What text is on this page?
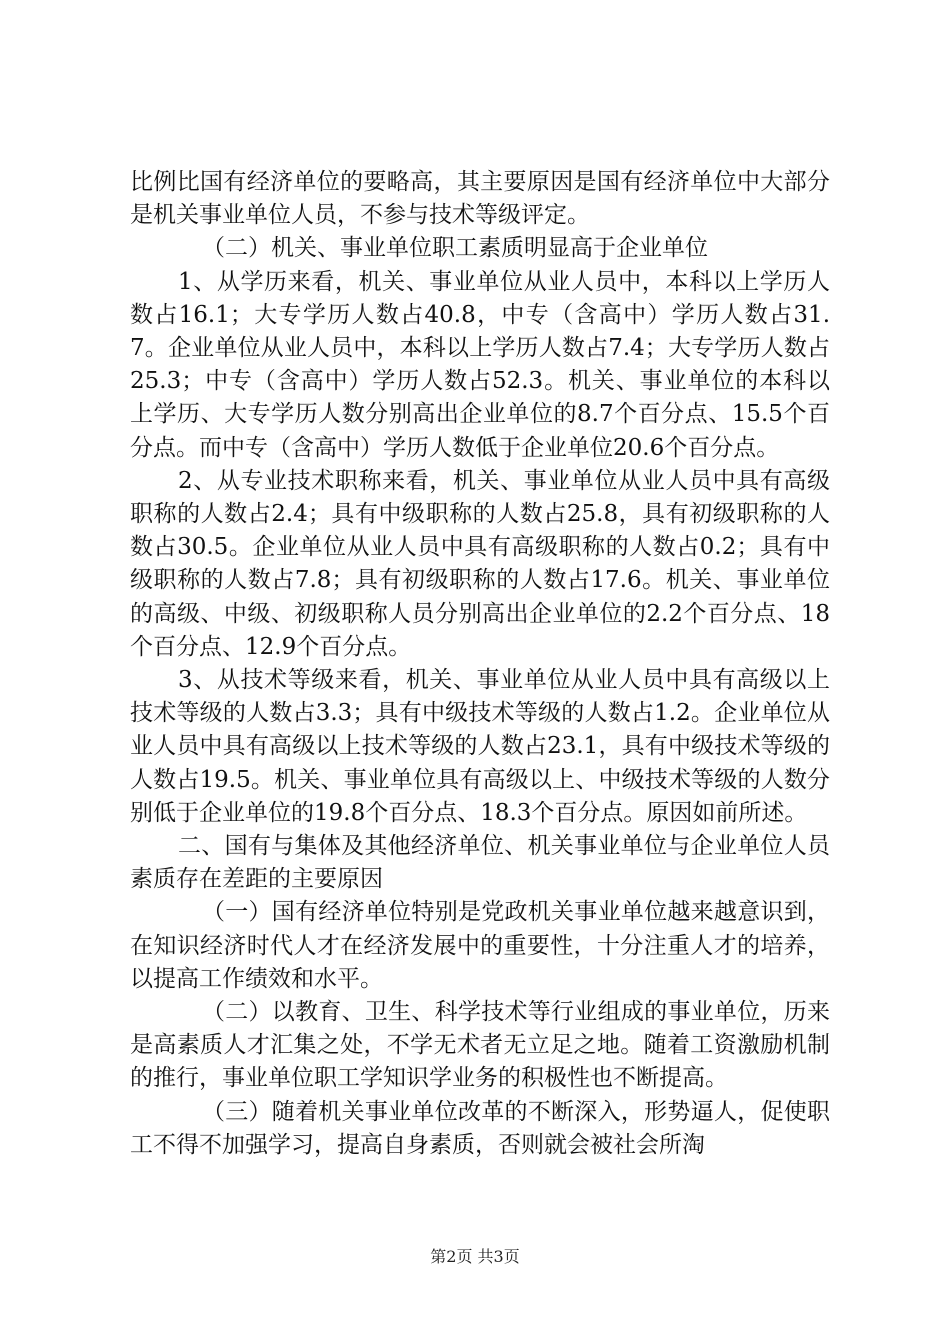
比例比国有经济单位的要略高，其主要原因是国有经济单位中大部分是机关事业单位人员，不参与技术等级评定。

（二）机关、事业单位职工素质明显高于企业单位

1、从学历来看，机关、事业单位从业人员中，本科以上学历人数占16.1；大专学历人数占40.8，中专（含高中）学历人数占31.7。企业单位从业人员中，本科以上学历人数占7.4；大专学历人数占25.3；中专（含高中）学历人数占52.3。机关、事业单位的本科以上学历、大专学历人数分别高出企业单位的8.7个百分点、15.5个百分点。而中专（含高中）学历人数低于企业单位20.6个百分点。

2、从专业技术职称来看，机关、事业单位从业人员中具有高级职称的人数占2.4；具有中级职称的人数占25.8，具有初级职称的人数占30.5。企业单位从业人员中具有高级职称的人数占0.2；具有中级职称的人数占7.8；具有初级职称的人数占17.6。机关、事业单位的高级、中级、初级职称人员分别高出企业单位的2.2个百分点、18个百分点、12.9个百分点。

3、从技术等级来看，机关、事业单位从业人员中具有高级以上技术等级的人数占3.3；具有中级技术等级的人数占1.2。企业单位从业人员中具有高级以上技术等级的人数占23.1，具有中级技术等级的人数占19.5。机关、事业单位具有高级以上、中级技术等级的人数分别低于企业单位的19.8个百分点、18.3个百分点。原因如前所述。

二、国有与集体及其他经济单位、机关事业单位与企业单位人员素质存在差距的主要原因

（一）国有经济单位特别是党政机关事业单位越来越意识到，在知识经济时代人才在经济发展中的重要性，十分注重人才的培养，以提高工作绩效和水平。

（二）以教育、卫生、科学技术等行业组成的事业单位，历来是高素质人才汇集之处，不学无术者无立足之地。随着工资激励机制的推行，事业单位职工学知识学业务的积极性也不断提高。

（三）随着机关事业单位改革的不断深入，形势逼人，促使职工不得不加强学习，提高自身素质，否则就会被社会所淘

第2页 共3页
